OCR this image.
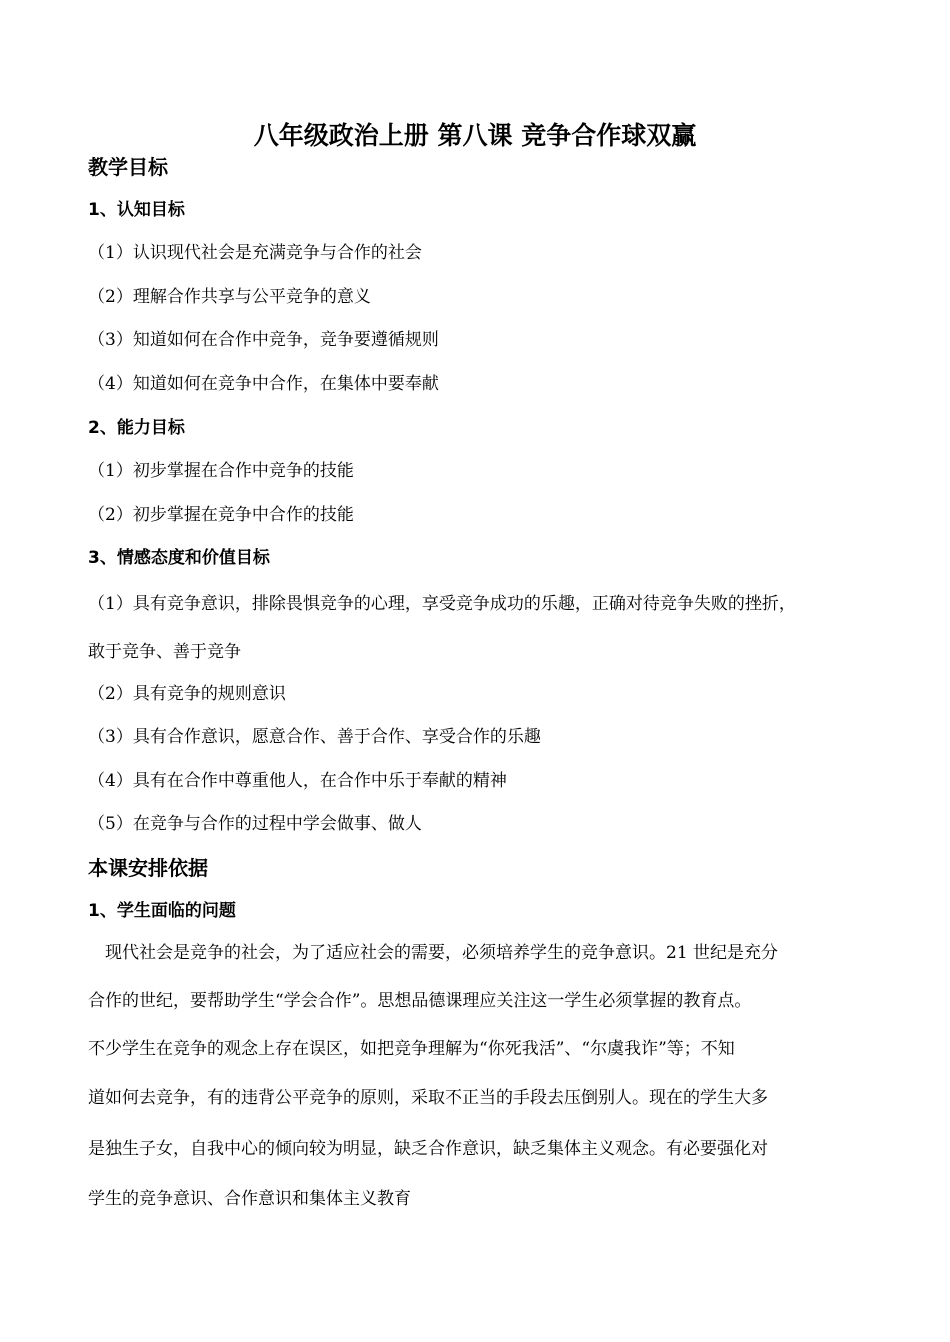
八年级政治上册 第八课 竞争合作球双赢
教学目标
1、认知目标
（1）认识现代社会是充满竞争与合作的社会
（2）理解合作共享与公平竞争的意义
（3）知道如何在合作中竞争，竞争要遵循规则
（4）知道如何在竞争中合作，在集体中要奉献
2、能力目标
（1）初步掌握在合作中竞争的技能
（2）初步掌握在竞争中合作的技能
3、情感态度和价值目标
（1）具有竞争意识，排除畏惧竞争的心理，享受竞争成功的乐趣，正确对待竞争失败的挫折，
敢于竞争、善于竞争
（2）具有竞争的规则意识
（3）具有合作意识，愿意合作、善于合作、享受合作的乐趣
（4）具有在合作中尊重他人，在合作中乐于奉献的精神
（5）在竞争与合作的过程中学会做事、做人
本课安排依据
1、学生面临的问题
　现代社会是竞争的社会，为了适应社会的需要，必须培养学生的竞争意识。21 世纪是充分
合作的世纪，要帮助学生“学会合作”。思想品德课理应关注这一学生必须掌握的教育点。
不少学生在竞争的观念上存在误区，如把竞争理解为“你死我活”、“尔虞我诈”等；不知
道如何去竞争，有的违背公平竞争的原则，采取不正当的手段去压倒别人。现在的学生大多
是独生子女，自我中心的倾向较为明显，缺乏合作意识，缺乏集体主义观念。有必要强化对
学生的竞争意识、合作意识和集体主义教育
